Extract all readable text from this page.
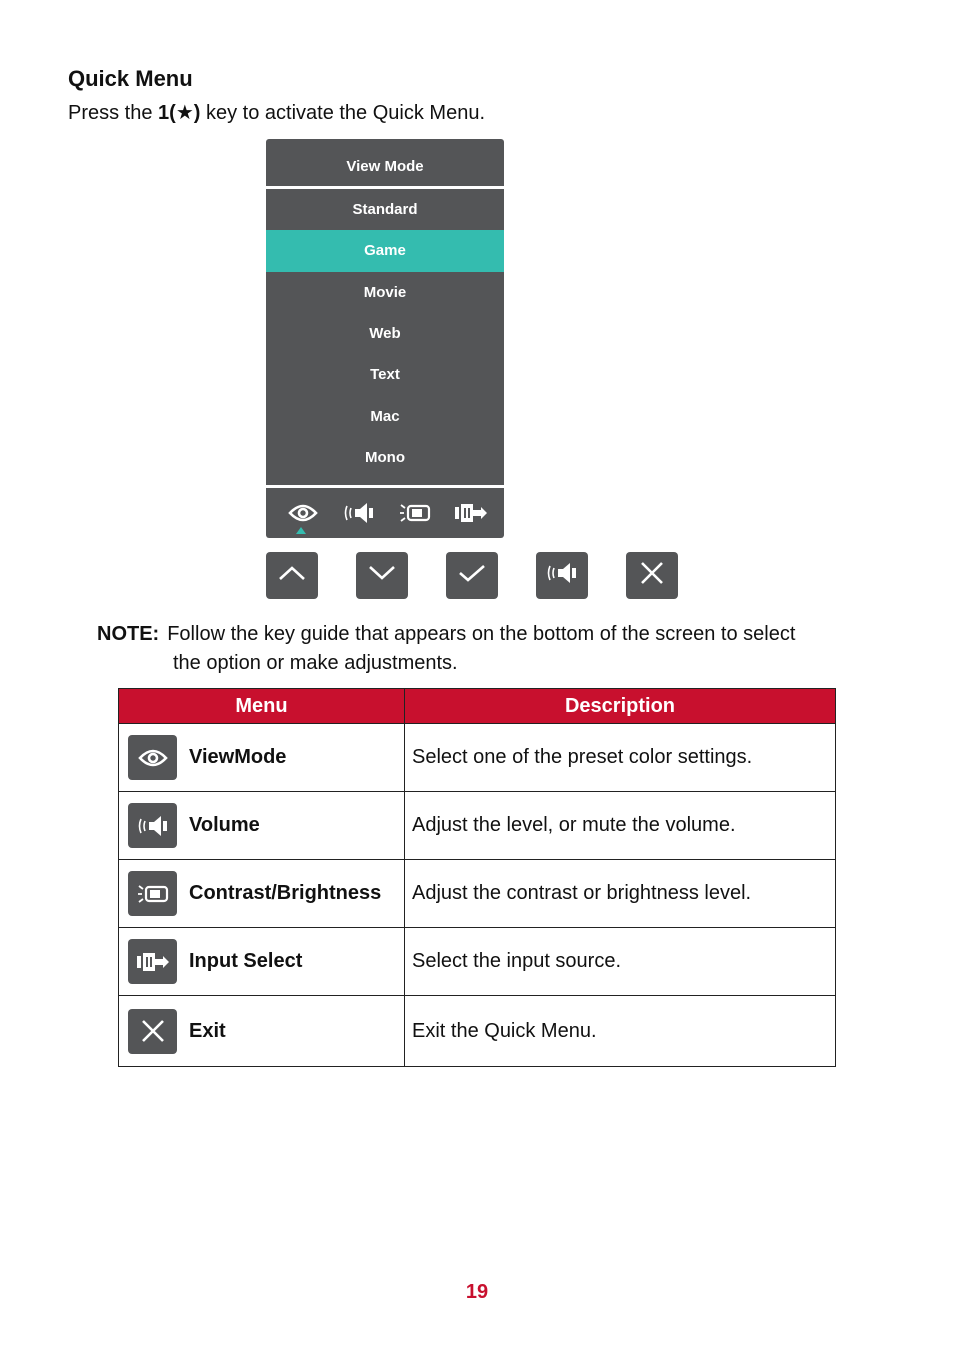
Quick Menu
Press the 1(★) key to activate the Quick Menu.
View Mode
Standard
Game
Movie
Web
Text
Mac
Mono
NOTE: Follow the key guide that appears on the bottom of the screen to select
the option or make adjustments.
Menu	Description

ViewMode	Select one of the preset color settings.

Volume	Adjust the level, or mute the volume.

Contrast/Brightness	Adjust the contrast or brightness level.

Input Select	Select the input source.

Exit	Exit the Quick Menu.
19
